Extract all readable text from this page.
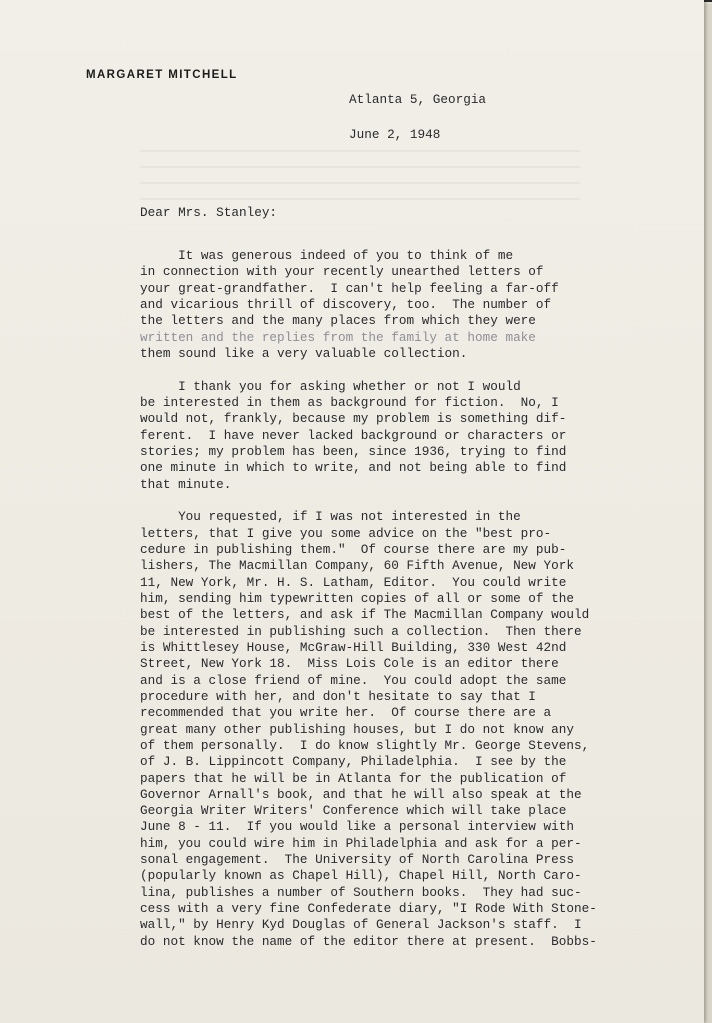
MARGARET MITCHELL

Atlanta 5, Georgia

June 2, 1948

Dear Mrs. Stanley:

It was generous indeed of you to think of me
in connection with your recently unearthed letters of
your great-grandfather.  I can't help feeling a far-off
and vicarious thrill of discovery, too.  The number of
the letters and the many places from which they were
written and the replies from the family at home make
them sound like a very valuable collection.
I thank you for asking whether or not I would
be interested in them as background for fiction.  No, I
would not, frankly, because my problem is something dif-
ferent.  I have never lacked background or characters or
stories; my problem has been, since 1936, trying to find
one minute in which to write, and not being able to find
that minute.
You requested, if I was not interested in the
letters, that I give you some advice on the "best pro-
cedure in publishing them."  Of course there are my pub-
lishers, The Macmillan Company, 60 Fifth Avenue, New York
11, New York, Mr. H. S. Latham, Editor.  You could write
him, sending him typewritten copies of all or some of the
best of the letters, and ask if The Macmillan Company would
be interested in publishing such a collection.  Then there
is Whittlesey House, McGraw-Hill Building, 330 West 42nd
Street, New York 18.  Miss Lois Cole is an editor there
and is a close friend of mine.  You could adopt the same
procedure with her, and don't hesitate to say that I
recommended that you write her.  Of course there are a
great many other publishing houses, but I do not know any
of them personally.  I do know slightly Mr. George Stevens,
of J. B. Lippincott Company, Philadelphia.  I see by the
papers that he will be in Atlanta for the publication of
Governor Arnall's book, and that he will also speak at the
Georgia Writer Writers' Conference which will take place
June 8 - 11.  If you would like a personal interview with
him, you could wire him in Philadelphia and ask for a per-
sonal engagement.  The University of North Carolina Press
(popularly known as Chapel Hill), Chapel Hill, North Caro-
lina, publishes a number of Southern books.  They had suc-
cess with a very fine Confederate diary, "I Rode With Stone-
wall," by Henry Kyd Douglas of General Jackson's staff.  I
do not know the name of the editor there at present.  Bobbs-
